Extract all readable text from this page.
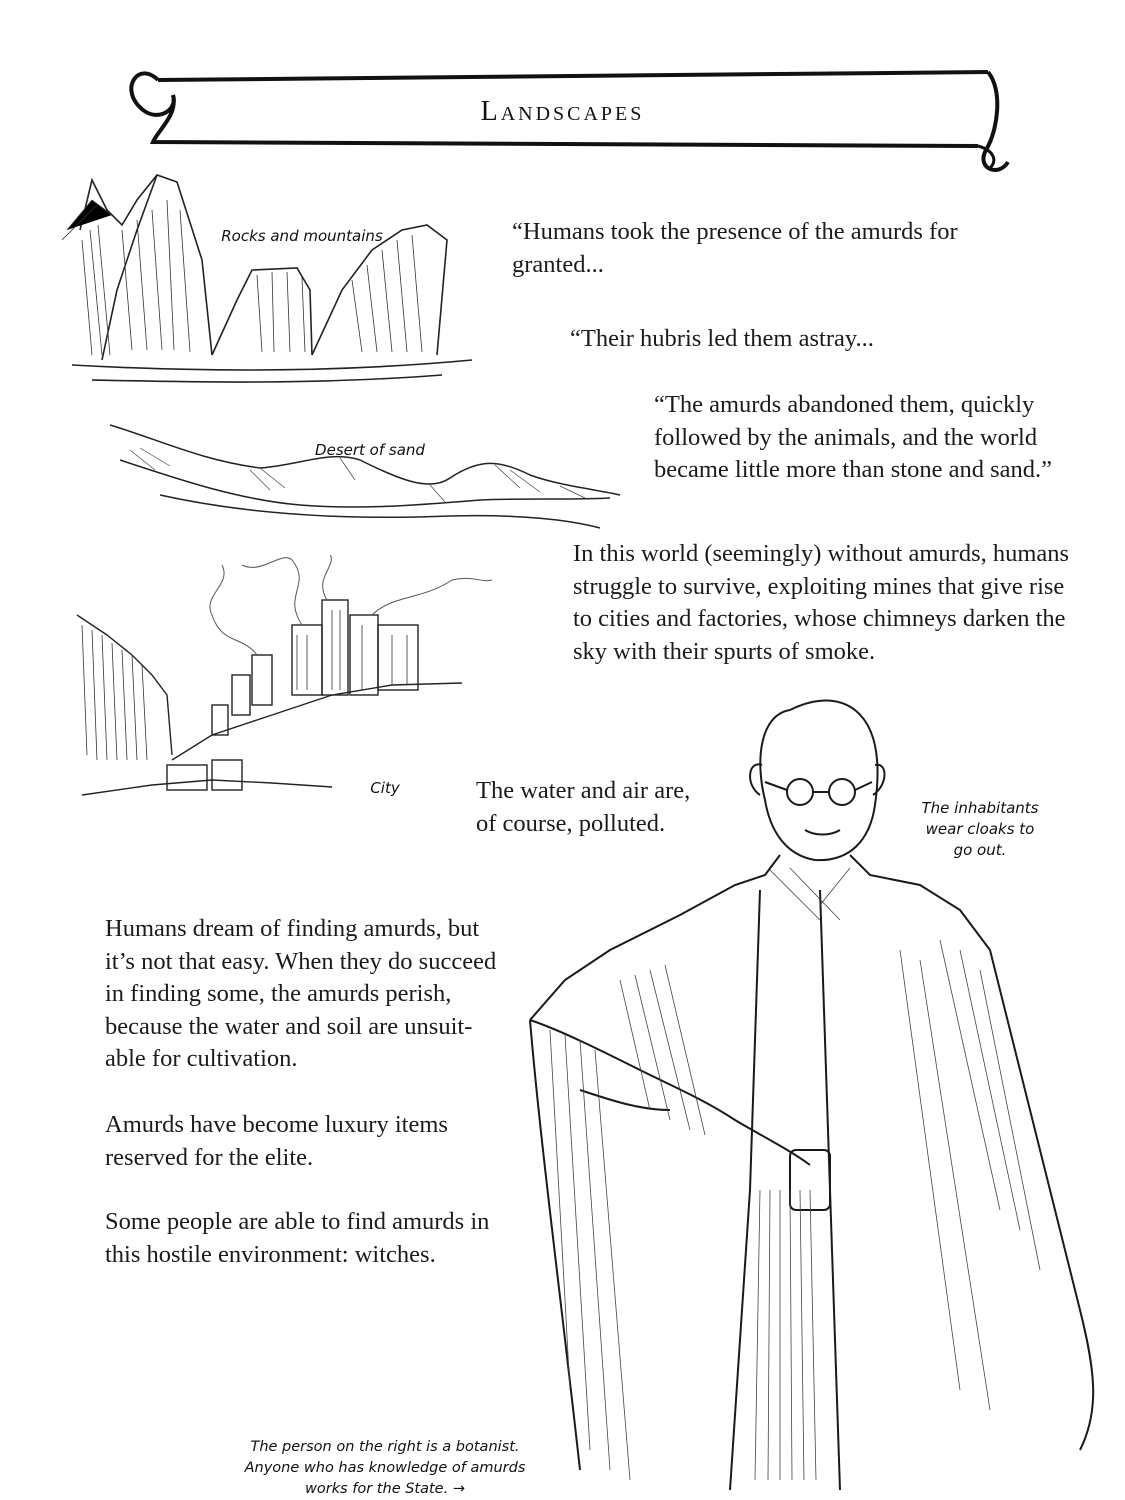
Landscapes
Rocks and mountains
Desert of sand
City

“Humans took the presence of the amurds for granted...

“Their hubris led them astray...

“The amurds abandoned them, quickly followed by the animals, and the world became little more than stone and sand.”

In this world (seemingly) without amurds, humans struggle to survive, exploiting mines that give rise to cities and factories, whose chimneys darken the sky with their spurts of smoke.

The water and air are, of course, polluted.

Humans dream of finding amurds, but it’s not that easy. When they do succeed in finding some, the amurds perish, because the water and soil are unsuit-able for cultivation.

Amurds have become luxury items reserved for the elite.

Some people are able to find amurds in this hostile environment: witches.

The inhabitants
wear cloaks to
go out.
The person on the right is a botanist.
Anyone who has knowledge of amurds
works for the State. →
